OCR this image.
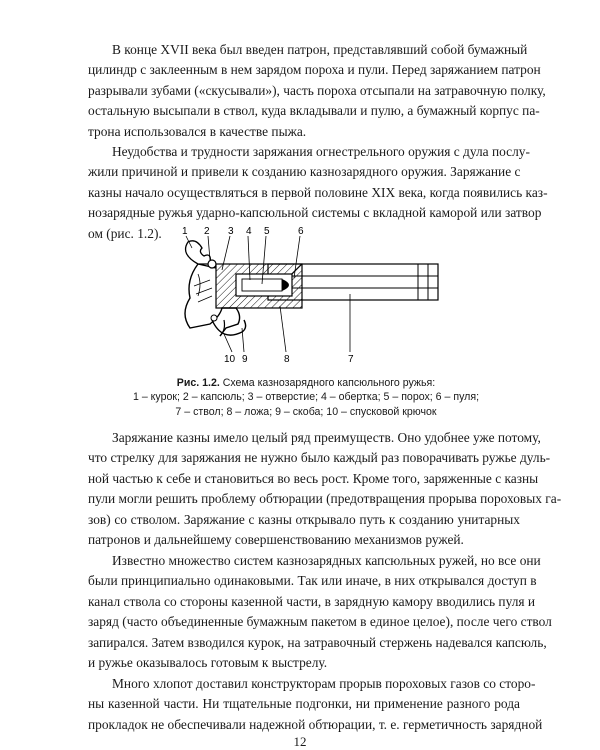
В конце XVII века был введен патрон, представлявший собой бумажный
цилиндр с заклеенным в нем зарядом пороха и пули. Перед заряжанием патрон
разрывали зубами («скусывали»), часть пороха отсыпали на затравочную полку,
остальную высыпали в ствол, куда вкладывали и пулю, а бумажный корпус па-
трона использовался в качестве пыжа.

Неудобства и трудности заряжания огнестрельного оружия с дула послу-
жили причиной и привели к созданию казнозарядного оружия. Заряжание с
казны начало осуществляться в первой половине XIX века, когда появились каз-
нозарядные ружья ударно-капсюльной системы с вкладной каморой или затвор
ом (рис. 1.2).	1 2 3 4 5	6
7
8
9
10
Рис. 1.2. Схема казнозарядного капсюльного ружья:
1 – курок; 2 – капсюль; 3 – отверстие; 4 – обертка; 5 – порох; 6 – пуля;
7 – ствол; 8 – ложа; 9 – скоба; 10 – спусковой крючок

Заряжание казны имело целый ряд преимуществ. Оно удобнее уже потому,
что стрелку для заряжания не нужно было каждый раз поворачивать ружье дуль-
ной частью к себе и становиться во весь рост. Кроме того, заряженные с казны
пули могли решить проблему обтюрации (предотвращения прорыва пороховых га-
зов) со стволом. Заряжание с казны открывало путь к созданию унитарных
патронов и дальнейшему совершенствованию механизмов ружей.

Известно множество систем казнозарядных капсюльных ружей, но все они
были принципиально одинаковыми. Так или иначе, в них открывался доступ в
канал ствола со стороны казенной части, в зарядную камору вводились пуля и
заряд (часто объединенные бумажным пакетом в единое целое), после чего ствол
запирался. Затем взводился курок, на затравочный стержень надевался капсюль,
и ружье оказывалось готовым к выстрелу.

Много хлопот доставил конструкторам прорыв пороховых газов со сторо-
ны казенной части. Ни тщательные подгонки, ни применение разного рода
прокладок не обеспечивали надежной обтюрации, т. е. герметичность зарядной

12
